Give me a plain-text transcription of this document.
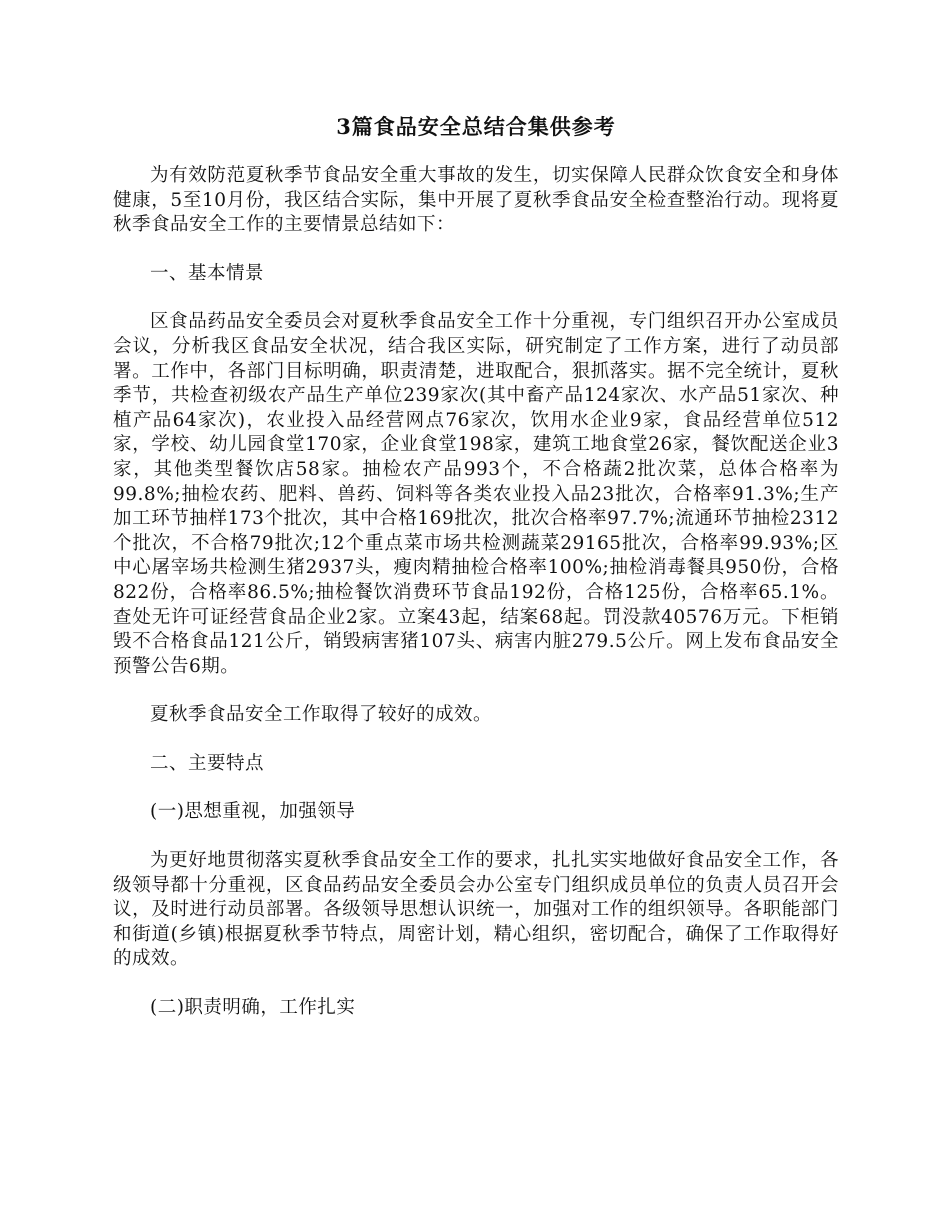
3篇食品安全总结合集供参考

为有效防范夏秋季节食品安全重大事故的发生，切实保障人民群众饮食安全和身体健康，5至10月份，我区结合实际，集中开展了夏秋季食品安全检查整治行动。现将夏秋季食品安全工作的主要情景总结如下：

一、基本情景

区食品药品安全委员会对夏秋季食品安全工作十分重视，专门组织召开办公室成员会议，分析我区食品安全状况，结合我区实际，研究制定了工作方案，进行了动员部署。工作中，各部门目标明确，职责清楚，进取配合，狠抓落实。据不完全统计，夏秋季节，共检查初级农产品生产单位239家次(其中畜产品124家次、水产品51家次、种植产品64家次)，农业投入品经营网点76家次，饮用水企业9家，食品经营单位512家，学校、幼儿园食堂170家，企业食堂198家，建筑工地食堂26家，餐饮配送企业3家，其他类型餐饮店58家。抽检农产品993个，不合格蔬2批次菜，总体合格率为99.8%;抽检农药、肥料、兽药、饲料等各类农业投入品23批次，合格率91.3%;生产加工环节抽样173个批次，其中合格169批次，批次合格率97.7%;流通环节抽检2312个批次，不合格79批次;12个重点菜市场共检测蔬菜29165批次，合格率99.93%;区中心屠宰场共检测生猪2937头，瘦肉精抽检合格率100%;抽检消毒餐具950份，合格822份，合格率86.5%;抽检餐饮消费环节食品192份，合格125份，合格率65.1%。查处无许可证经营食品企业2家。立案43起，结案68起。罚没款40576万元。下柜销毁不合格食品121公斤，销毁病害猪107头、病害内脏279.5公斤。网上发布食品安全预警公告6期。

夏秋季食品安全工作取得了较好的成效。

二、主要特点

(一)思想重视，加强领导

为更好地贯彻落实夏秋季食品安全工作的要求，扎扎实实地做好食品安全工作，各级领导都十分重视，区食品药品安全委员会办公室专门组织成员单位的负责人员召开会议，及时进行动员部署。各级领导思想认识统一，加强对工作的组织领导。各职能部门和街道(乡镇)根据夏秋季节特点，周密计划，精心组织，密切配合，确保了工作取得好的成效。

(二)职责明确，工作扎实
